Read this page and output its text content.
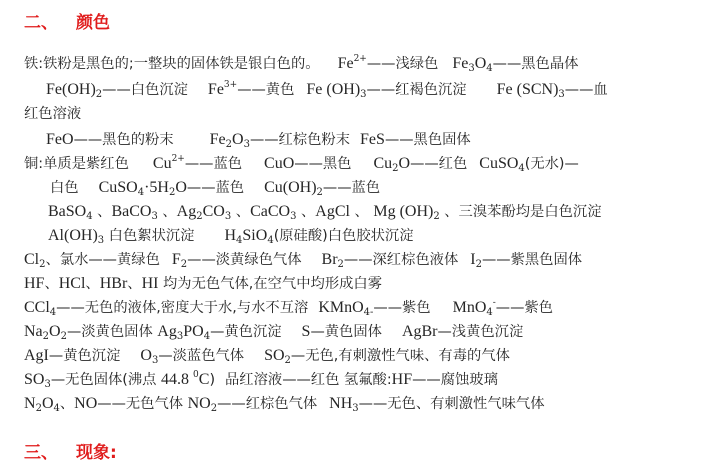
二、 颜色
铁:铁粉是黑色的;一整块的固体铁是银白色的。 $Fe^{2+}——$浅绿色 $Fe_3O_4——$黑色晶体
$Fe(OH)_2——$白色沉淀 $Fe^{3+}——$黄色 Fe $(OH)_3——$红褐色沉淀 Fe $(SCN)_3——$血
红色溶液
FeO——黑色的粉末 $Fe_2O_3——$红棕色粉末 FeS——黑色固体
铜:单质是紫红色 $Cu^{2+}——$蓝色 CuO——黑色 $Cu_2O——$红色 CuSO$_4$(无水)—
白色 $CuSO_4\cdot 5H_2O——$蓝色 $Cu(OH)_2——$蓝色
BaSO$_4$ 、BaCO$_3$ 、$Ag_2CO_3$ 、CaCO$_3$ 、AgCl 、 Mg $(OH)_2$ 、三溴苯酚均是白色沉淀
$Al(OH)_3$ 白色絮状沉淀 $H_4SiO_4$(原硅酸)白色胶状沉淀
$Cl_2$、氯水——黄绿色 $F_2——$淡黄绿色气体 $Br_2——$深红棕色液体 $I_2——$紫黑色固体
HF、HCl、HBr、HI 均为无色气体,在空气中均形成白雾
CCl$_4$——无色的液体,密度大于水,与水不互溶 KMnO$_{4-}$——紫色 MnO$_4$-——紫色
$Na_2O_2—$淡黄色固体 $Ag_3PO_4—$黄色沉淀 S—黄色固体 AgBr—浅黄色沉淀
AgI—黄色沉淀 $O_3—$淡蓝色气体 $SO_2—$无色,有刺激性气味、有毒的气体
$SO_3—$无色固体(沸点 44.8 $^0$C) 品红溶液——红色 氢氟酸:HF——腐蚀玻璃
$N_2O_4$、NO——无色气体 $NO_2——$红棕色气体 $NH_3——$无色、有刺激性气味气体
三、 现象:
